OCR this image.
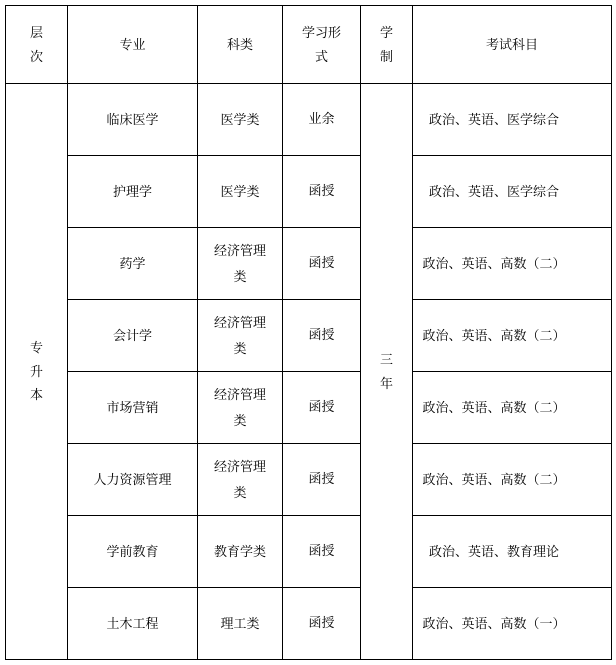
层次	专业	科类	学习形式	学制	考试科目

专升本	临床医学	医学类	业余	三年	政治、英语、医学综合

	护理学	医学类	函授		政治、英语、医学综合

	药学	经济管理类	函授		政治、英语、高数（二）

	会计学	经济管理类	函授		政治、英语、高数（二）

	市场营销	经济管理类	函授		政治、英语、高数（二）

	人力资源管理	经济管理类	函授		政治、英语、高数（二）

	学前教育	教育学类	函授		政治、英语、教育理论

	土木工程	理工类	函授		政治、英语、高数（一）
